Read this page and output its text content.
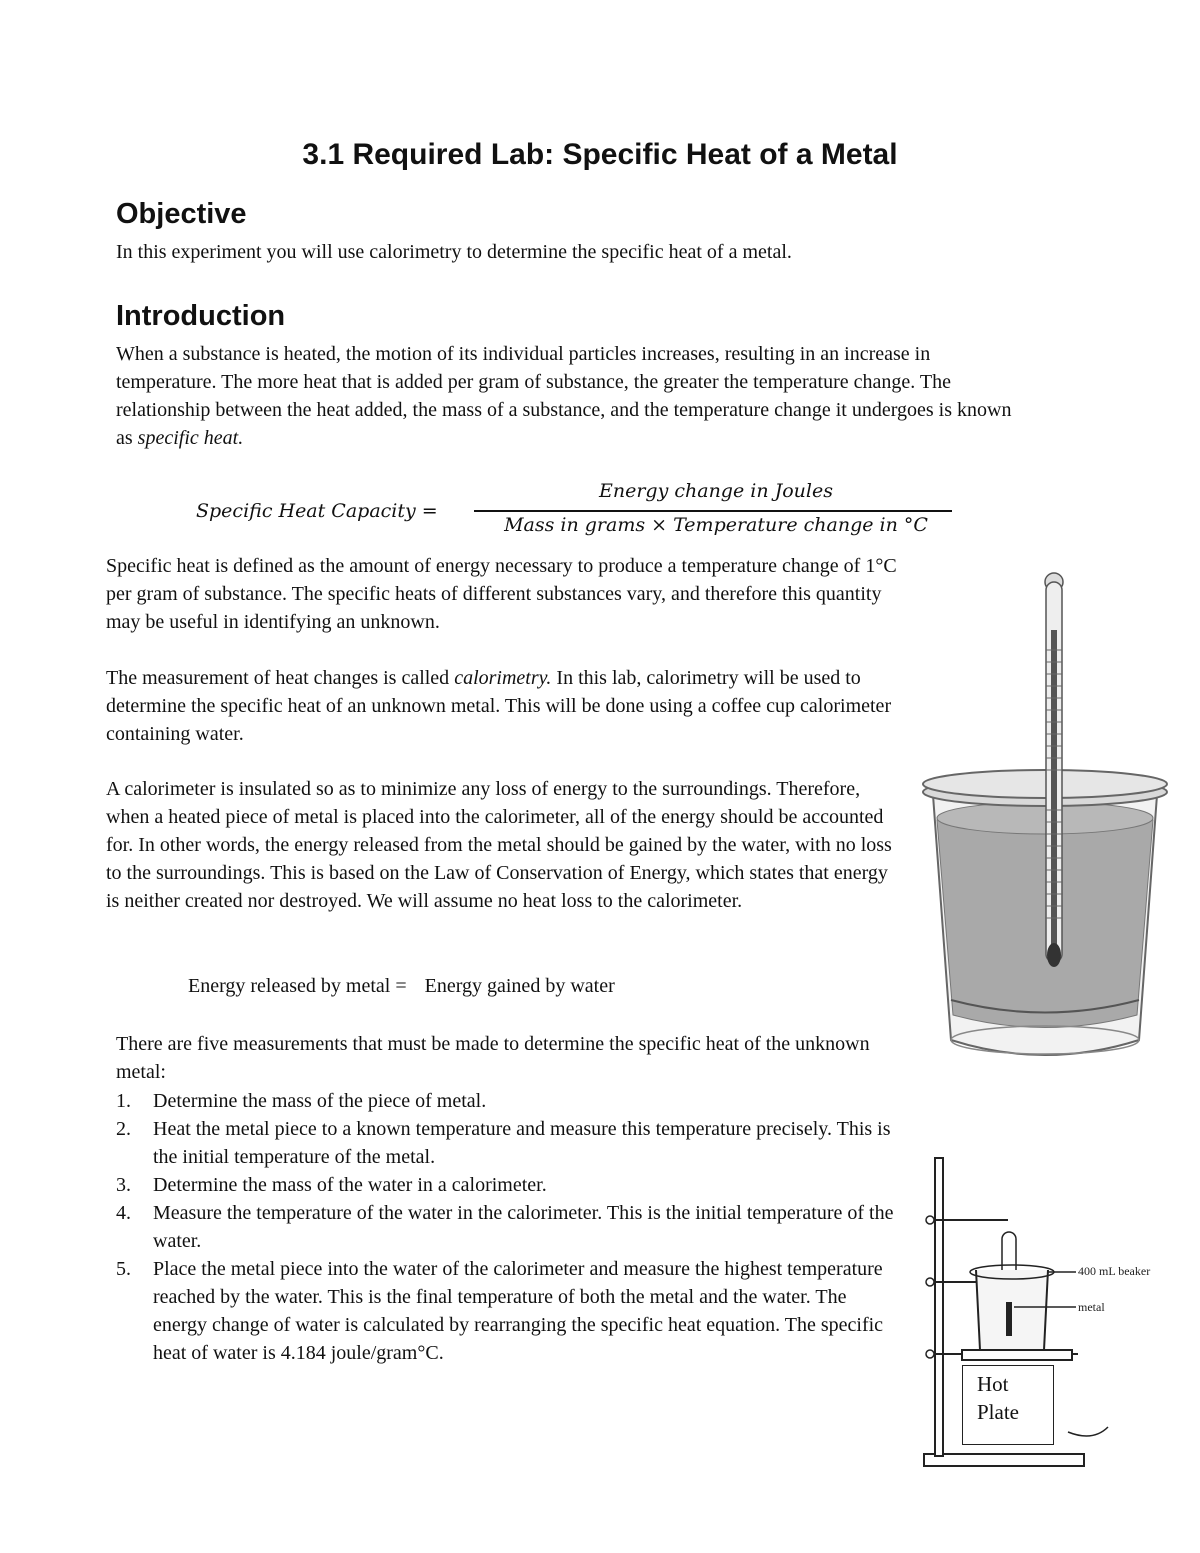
3.1 Required Lab: Specific Heat of a Metal
Objective

In this experiment you will use calorimetry to determine the specific heat of a metal.

Introduction

When a substance is heated, the motion of its individual particles increases, resulting in an increase in temperature. The more heat that is added per gram of substance, the greater the temperature change. The relationship between the heat added, the mass of a substance, and the temperature change it undergoes is known as specific heat.

Specific Heat Capacity =
Energy change in Joules
Mass in grams × Temperature change in °C

Specific heat is defined as the amount of energy necessary to produce a temperature change of 1°C per gram of substance. The specific heats of different substances vary, and therefore this quantity may be useful in identifying an unknown.

The measurement of heat changes is called calorimetry. In this lab, calorimetry will be used to determine the specific heat of an unknown metal. This will be done using a coffee cup calorimeter containing water.

A calorimeter is insulated so as to minimize any loss of energy to the surroundings. Therefore, when a heated piece of metal is placed into the calorimeter, all of the energy should be accounted for. In other words, the energy released from the metal should be gained by the water, with no loss to the surroundings. This is based on the Law of Conservation of Energy, which states that energy is neither created nor destroyed. We will assume no heat loss to the calorimeter.

Energy released by metal = Energy gained by water

There are five measurements that must be made to determine the specific heat of the unknown metal:

1. Determine the mass of the piece of metal.
2. Heat the metal piece to a known temperature and measure this temperature precisely. This is the initial temperature of the metal.
3. Determine the mass of the water in a calorimeter.
4. Measure the temperature of the water in the calorimeter. This is the initial temperature of the water.
5. Place the metal piece into the water of the calorimeter and measure the highest temperature reached by the water. This is the final temperature of both the metal and the water. The energy change of water is calculated by rearranging the specific heat equation. The specific heat of water is 4.184 joule/gram°C.
Hot
Plate
400 mL beaker
metal
